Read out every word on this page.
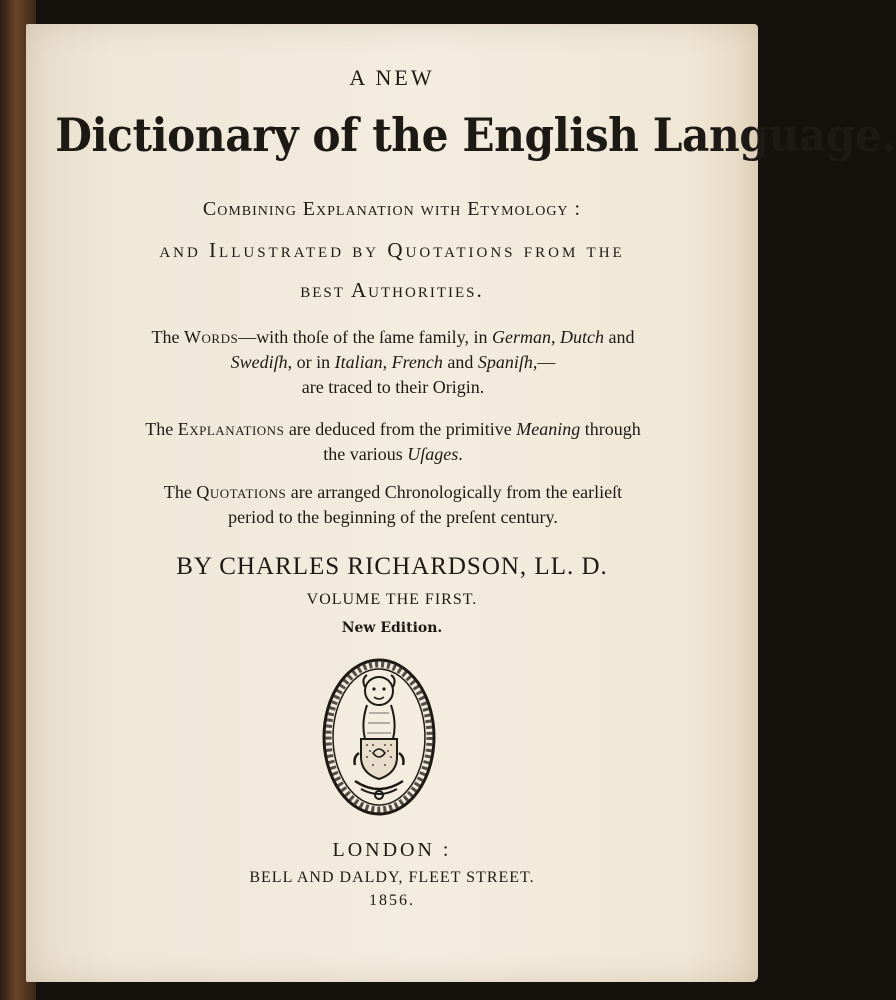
A NEW
Dictionary of the English Language.
Combining Explanation with Etymology :
and Illustrated by Quotations from the
best Authorities.
The Words—with thoſe of the ſame family, in German, Dutch and
Swediſh, or in Italian, French and Spaniſh,—
are traced to their Origin.
The Explanations are deduced from the primitive Meaning through
the various Uſages.
The Quotations are arranged Chronologically from the earlieſt
period to the beginning of the preſent century.
BY CHARLES RICHARDSON, LL. D.
VOLUME THE FIRST.
New Edition.
LONDON :
BELL AND DALDY, FLEET STREET.
1856.
